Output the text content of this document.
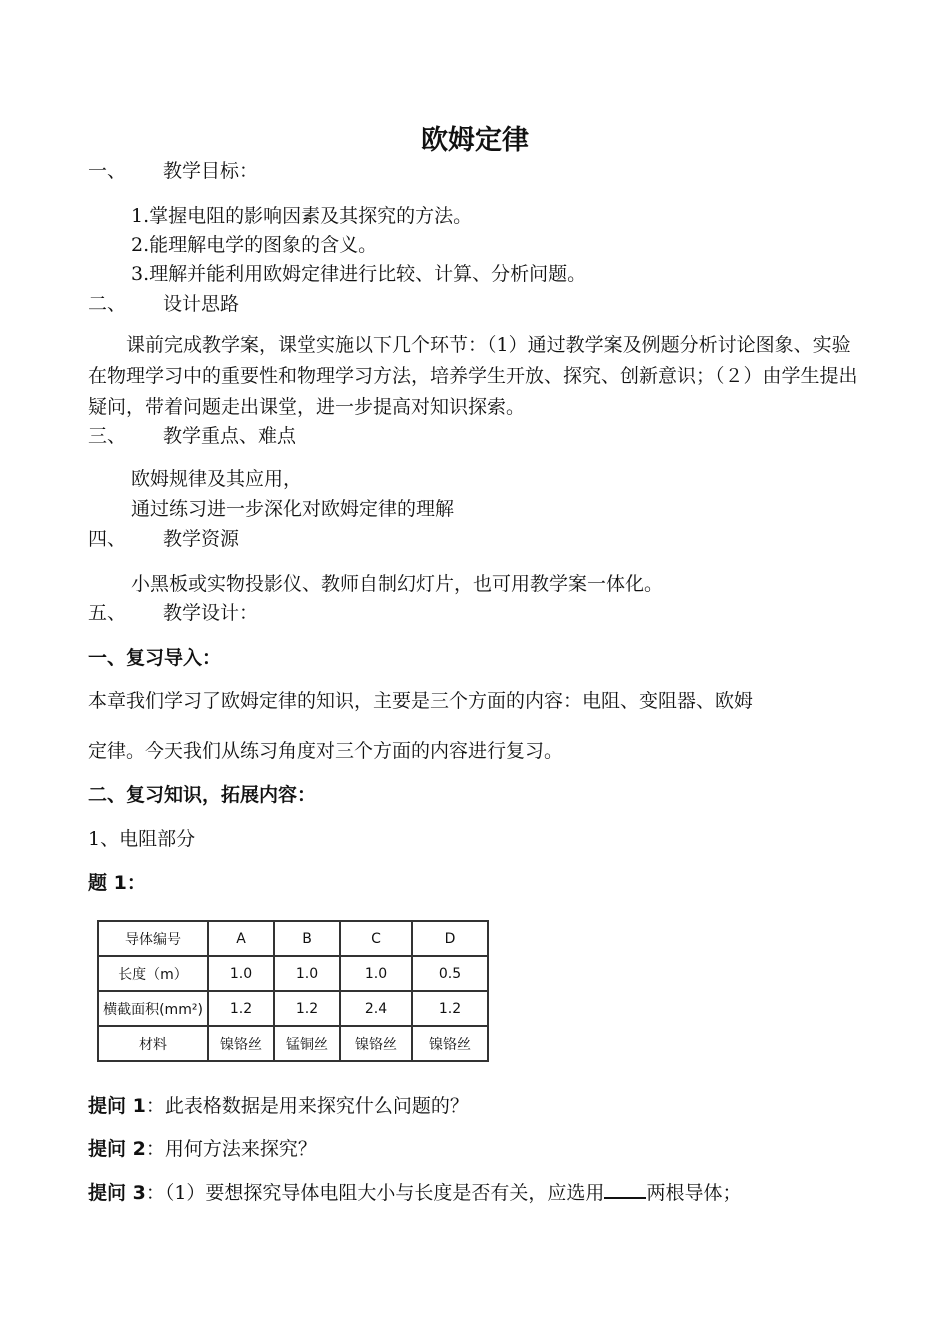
欧姆定律
一、 教学目标：
1.掌握电阻的影响因素及其探究的方法。
2.能理解电学的图象的含义。
3.理解并能利用欧姆定律进行比较、计算、分析问题。
二、 设计思路
课前完成教学案，课堂实施以下几个环节：（1）通过教学案及例题分析讨论图象、实验在物理学习中的重要性和物理学习方法，培养学生开放、探究、创新意识；（２）由学生提出疑问，带着问题走出课堂，进一步提高对知识探索。
三、 教学重点、难点
欧姆规律及其应用，
通过练习进一步深化对欧姆定律的理解
四、 教学资源
小黑板或实物投影仪、教师自制幻灯片，也可用教学案一体化。
五、 教学设计：
一、复习导入：
本章我们学习了欧姆定律的知识，主要是三个方面的内容：电阻、变阻器、欧姆
定律。今天我们从练习角度对三个方面的内容进行复习。
二、复习知识，拓展内容：
1、电阻部分
题 1：
导体编号	A	B	C	D
长度（m）	1.0	1.0	1.0	0.5
横截面积(mm²)	1.2	1.2	2.4	1.2
材料	镍铬丝	锰铜丝	镍铬丝	镍铬丝
提问 1：此表格数据是用来探究什么问题的？
提问 2：用何方法来探究？
提问 3：（1）要想探究导体电阻大小与长度是否有关，应选用 两根导体；
